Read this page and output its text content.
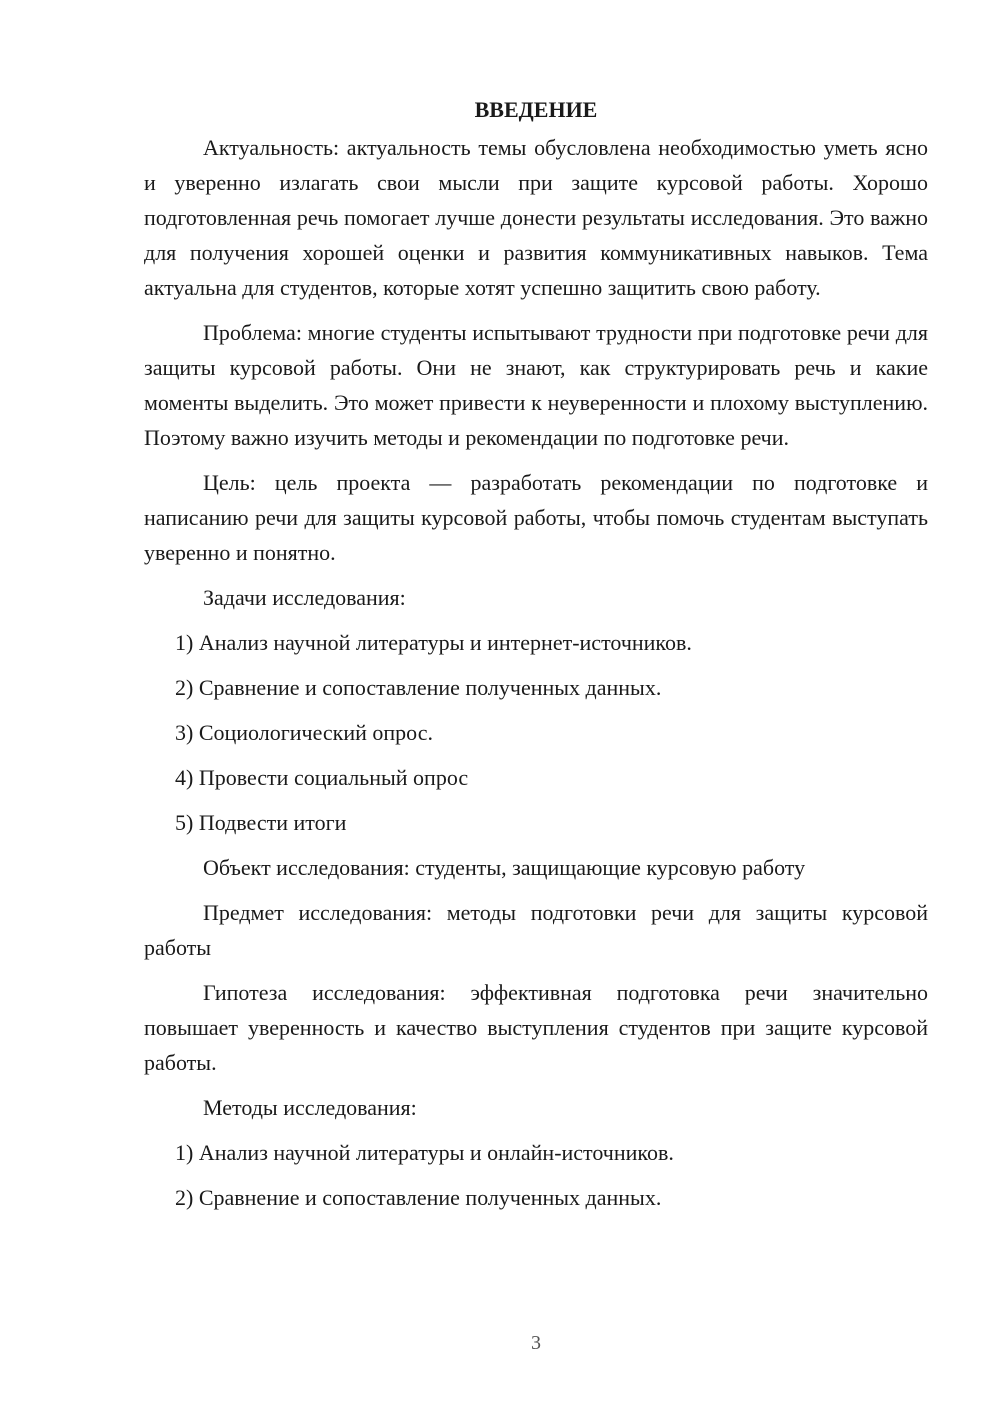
ВВЕДЕНИЕ

Актуальность: актуальность темы обусловлена необходимостью уметь ясно и уверенно излагать свои мысли при защите курсовой работы. Хорошо подготовленная речь помогает лучше донести результаты исследования. Это важно для получения хорошей оценки и развития коммуникативных навыков. Тема актуальна для студентов, которые хотят успешно защитить свою работу.

Проблема: многие студенты испытывают трудности при подготовке речи для защиты курсовой работы. Они не знают, как структурировать речь и какие моменты выделить. Это может привести к неуверенности и плохому выступлению. Поэтому важно изучить методы и рекомендации по подготовке речи.

Цель: цель проекта — разработать рекомендации по подготовке и написанию речи для защиты курсовой работы, чтобы помочь студентам выступать уверенно и понятно.

Задачи исследования:
1) Анализ научной литературы и интернет-источников.
2) Сравнение и сопоставление полученных данных.
3) Социологический опрос.
4) Провести социальный опрос
5) Подвести итоги
Объект исследования: студенты, защищающие курсовую работу

Предмет исследования: методы подготовки речи для защиты курсовой работы

Гипотеза исследования: эффективная подготовка речи значительно повышает уверенность и качество выступления студентов при защите курсовой работы.

Методы исследования:
1) Анализ научной литературы и онлайн-источников.
2) Сравнение и сопоставление полученных данных.
3
